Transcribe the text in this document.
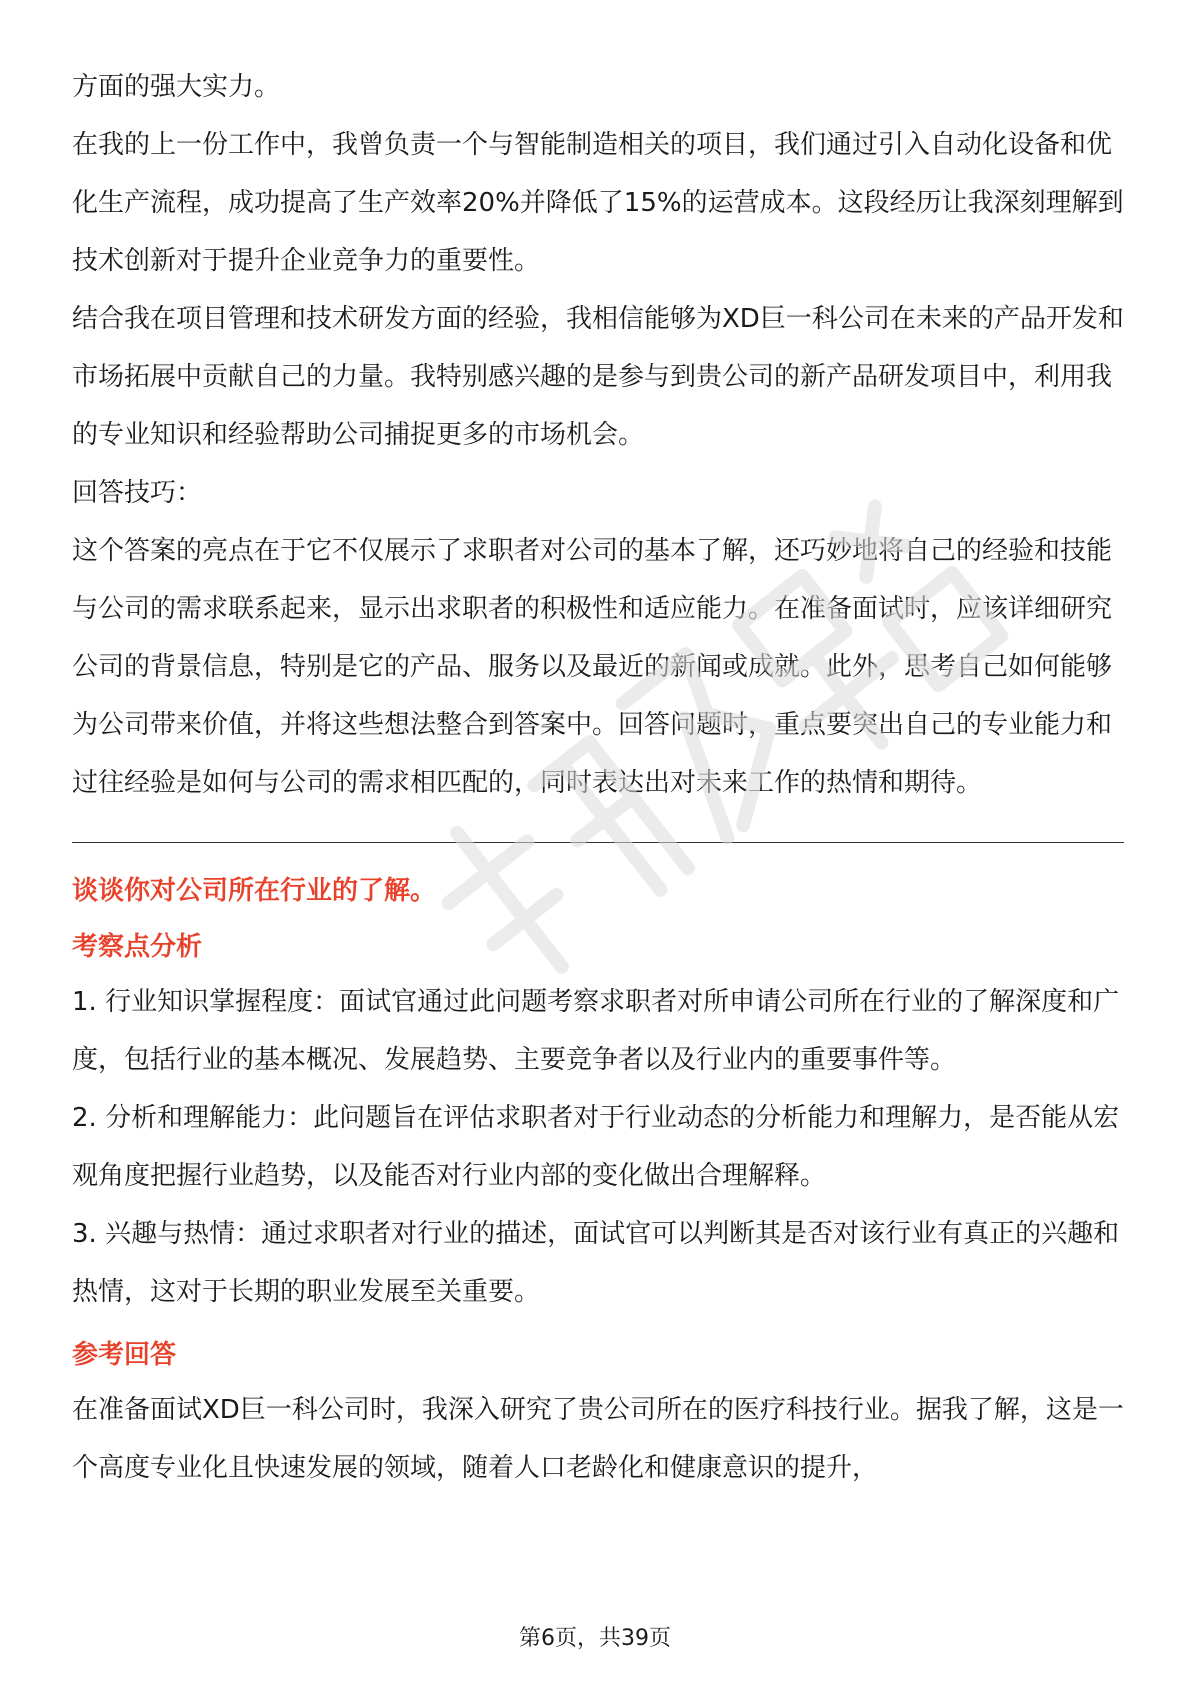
方面的强大实力。

在我的上一份工作中，我曾负责一个与智能制造相关的项目，我们通过引入自动化设备和优化生产流程，成功提高了生产效率20%并降低了15%的运营成本。这段经历让我深刻理解到技术创新对于提升企业竞争力的重要性。

结合我在项目管理和技术研发方面的经验，我相信能够为XD巨一科公司在未来的产品开发和市场拓展中贡献自己的力量。我特别感兴趣的是参与到贵公司的新产品研发项目中，利用我的专业知识和经验帮助公司捕捉更多的市场机会。

回答技巧：

这个答案的亮点在于它不仅展示了求职者对公司的基本了解，还巧妙地将自己的经验和技能与公司的需求联系起来，显示出求职者的积极性和适应能力。在准备面试时，应该详细研究公司的背景信息，特别是它的产品、服务以及最近的新闻或成就。此外，思考自己如何能够为公司带来价值，并将这些想法整合到答案中。回答问题时，重点要突出自己的专业能力和过往经验是如何与公司的需求相匹配的，同时表达出对未来工作的热情和期待。

谈谈你对公司所在行业的了解。
考察点分析

1. 行业知识掌握程度：面试官通过此问题考察求职者对所申请公司所在行业的了解深度和广度，包括行业的基本概况、发展趋势、主要竞争者以及行业内的重要事件等。

2. 分析和理解能力：此问题旨在评估求职者对于行业动态的分析能力和理解力，是否能从宏观角度把握行业趋势，以及能否对行业内部的变化做出合理解释。

3. 兴趣与热情：通过求职者对行业的描述，面试官可以判断其是否对该行业有真正的兴趣和热情，这对于长期的职业发展至关重要。

参考回答

在准备面试XD巨一科公司时，我深入研究了贵公司所在的医疗科技行业。据我了解，这是一个高度专业化且快速发展的领域，随着人口老龄化和健康意识的提升，

第6页，共39页
